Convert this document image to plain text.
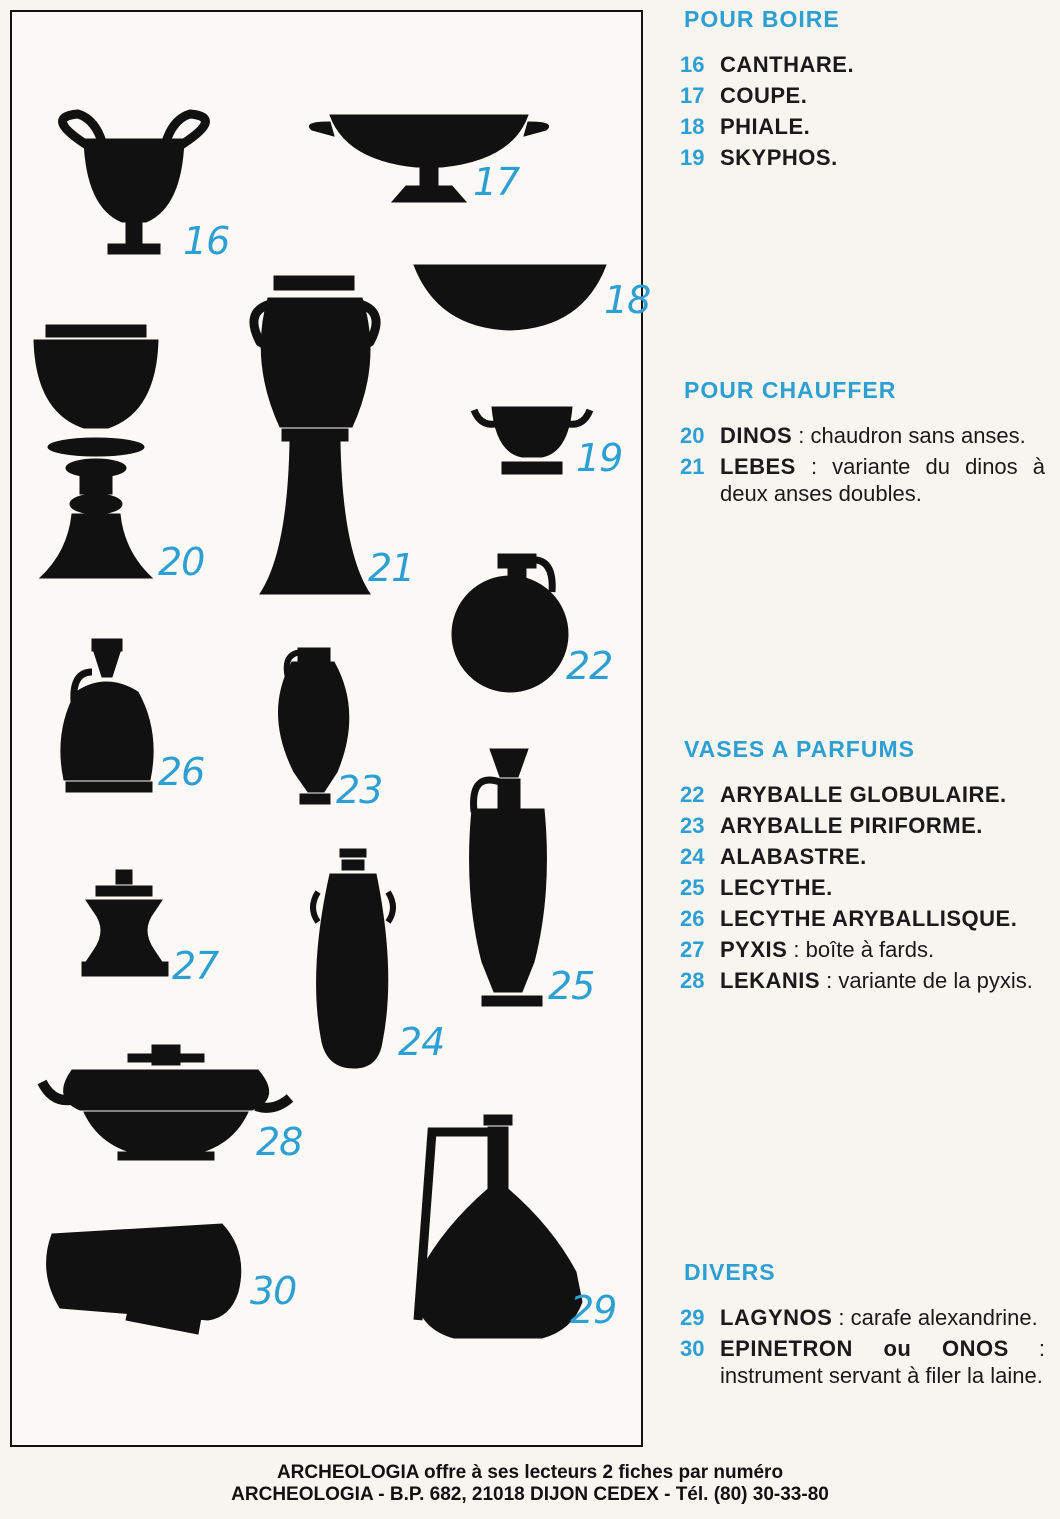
16
17
18
19
20	21
22
23
24
25
26
27
28
29
30
POUR BOIRE
16 CANTHARE.
17 COUPE.
18 PHIALE.
19 SKYPHOS.
POUR CHAUFFER
20 DINOS : chaudron sans anses.
21 LEBES : variante du dinos à deux anses doubles.
VASES A PARFUMS
22 ARYBALLE GLOBULAIRE.
23 ARYBALLE PIRIFORME.
24 ALABASTRE.
25 LECYTHE.
26 LECYTHE ARYBALLISQUE.
27 PYXIS : boîte à fards.
28 LEKANIS : variante de la pyxis.
DIVERS
29 LAGYNOS : carafe alexandrine.
30 EPINETRON ou ONOS : instrument servant à filer la laine.
ARCHEOLOGIA offre à ses lecteurs 2 fiches par numéro
ARCHEOLOGIA - B.P. 682, 21018 DIJON CEDEX - Tél. (80) 30-33-80
